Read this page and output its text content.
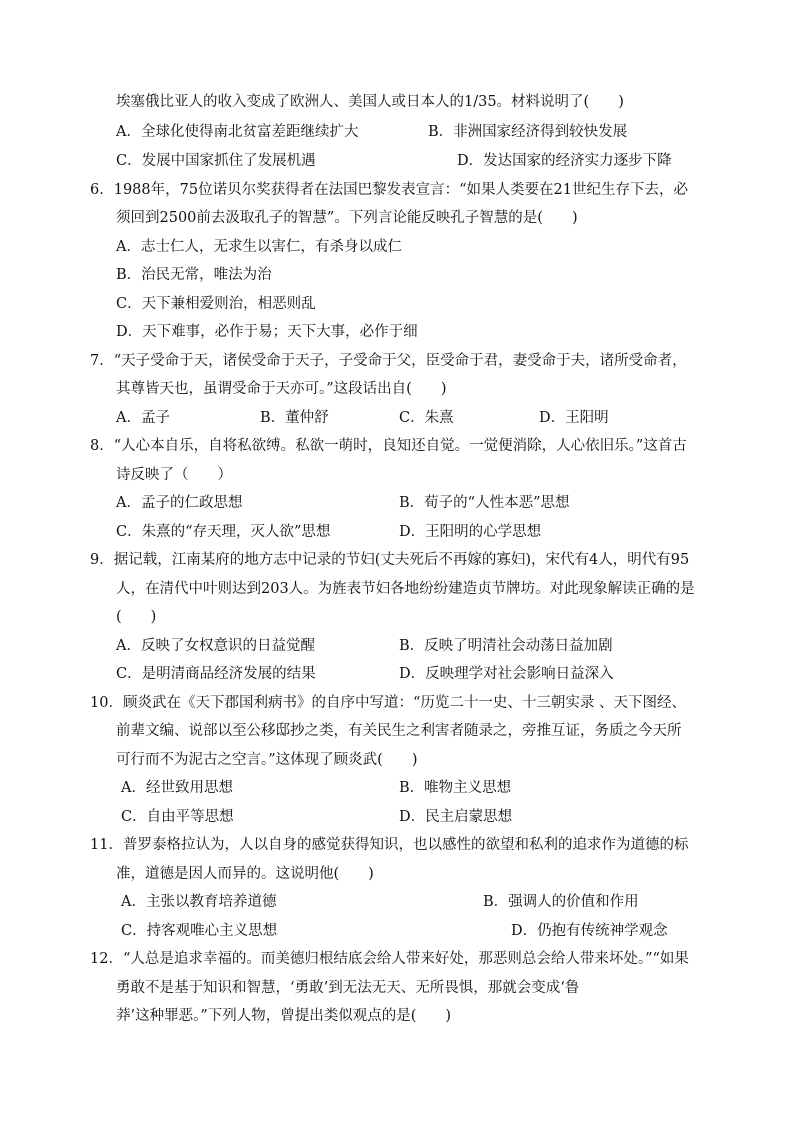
埃塞俄比亚人的收入变成了欧洲人、美国人或日本人的1/35。材料说明了(　　)
A．全球化使得南北贫富差距继续扩大	B．非洲国家经济得到较快发展
C．发展中国家抓住了发展机遇	D．发达国家的经济实力逐步下降
6．1988年，75位诺贝尔奖获得者在法国巴黎发表宣言：“如果人类要在21世纪生存下去，必
须回到2500前去汲取孔子的智慧”。下列言论能反映孔子智慧的是(　　)
A．志士仁人，无求生以害仁，有杀身以成仁
B．治民无常，唯法为治
C．天下兼相爱则治，相恶则乱
D．天下难事，必作于易；天下大事，必作于细
7．“天子受命于天，诸侯受命于天子，子受命于父，臣受命于君，妻受命于夫，诸所受命者，
其尊皆天也，虽谓受命于天亦可。”这段话出自(　　)
A．孟子	B．董仲舒	C．朱熹	D．王阳明
8．“人心本自乐，自将私欲缚。私欲一萌时，良知还自觉。一觉便消除，人心依旧乐。”这首古
诗反映了（　　）
A．孟子的仁政思想	B．荀子的“人性本恶”思想
C．朱熹的“存天理，灭人欲”思想	D．王阳明的心学思想
9．据记载，江南某府的地方志中记录的节妇(丈夫死后不再嫁的寡妇)，宋代有4人，明代有95
人，在清代中叶则达到203人。为旌表节妇各地纷纷建造贞节牌坊。对此现象解读正确的是
(　　)
A．反映了女权意识的日益觉醒	B．反映了明清社会动荡日益加剧
C．是明清商品经济发展的结果	D．反映理学对社会影响日益深入
10．顾炎武在《天下郡国利病书》的自序中写道：“历览二十一史、十三朝实录 、天下图经、
前辈文编、说部以至公移邸抄之类，有关民生之利害者随录之，旁推互证，务质之今天所
可行而不为泥古之空言。”这体现了顾炎武(　　)
A．经世致用思想	B．唯物主义思想
C．自由平等思想	D．民主启蒙思想
11．普罗泰格拉认为，人以自身的感觉获得知识，也以感性的欲望和私利的追求作为道德的标
准，道德是因人而异的。这说明他(　　)
A．主张以教育培养道德	B．强调人的价值和作用
C．持客观唯心主义思想	D．仍抱有传统神学观念
12．“人总是追求幸福的。而美德归根结底会给人带来好处，那恶则总会给人带来坏处。”“如果
勇敢不是基于知识和智慧，‘勇敢’到无法无天、无所畏惧，那就会变成‘鲁
莽’这种罪恶。”下列人物，曾提出类似观点的是(　　)
